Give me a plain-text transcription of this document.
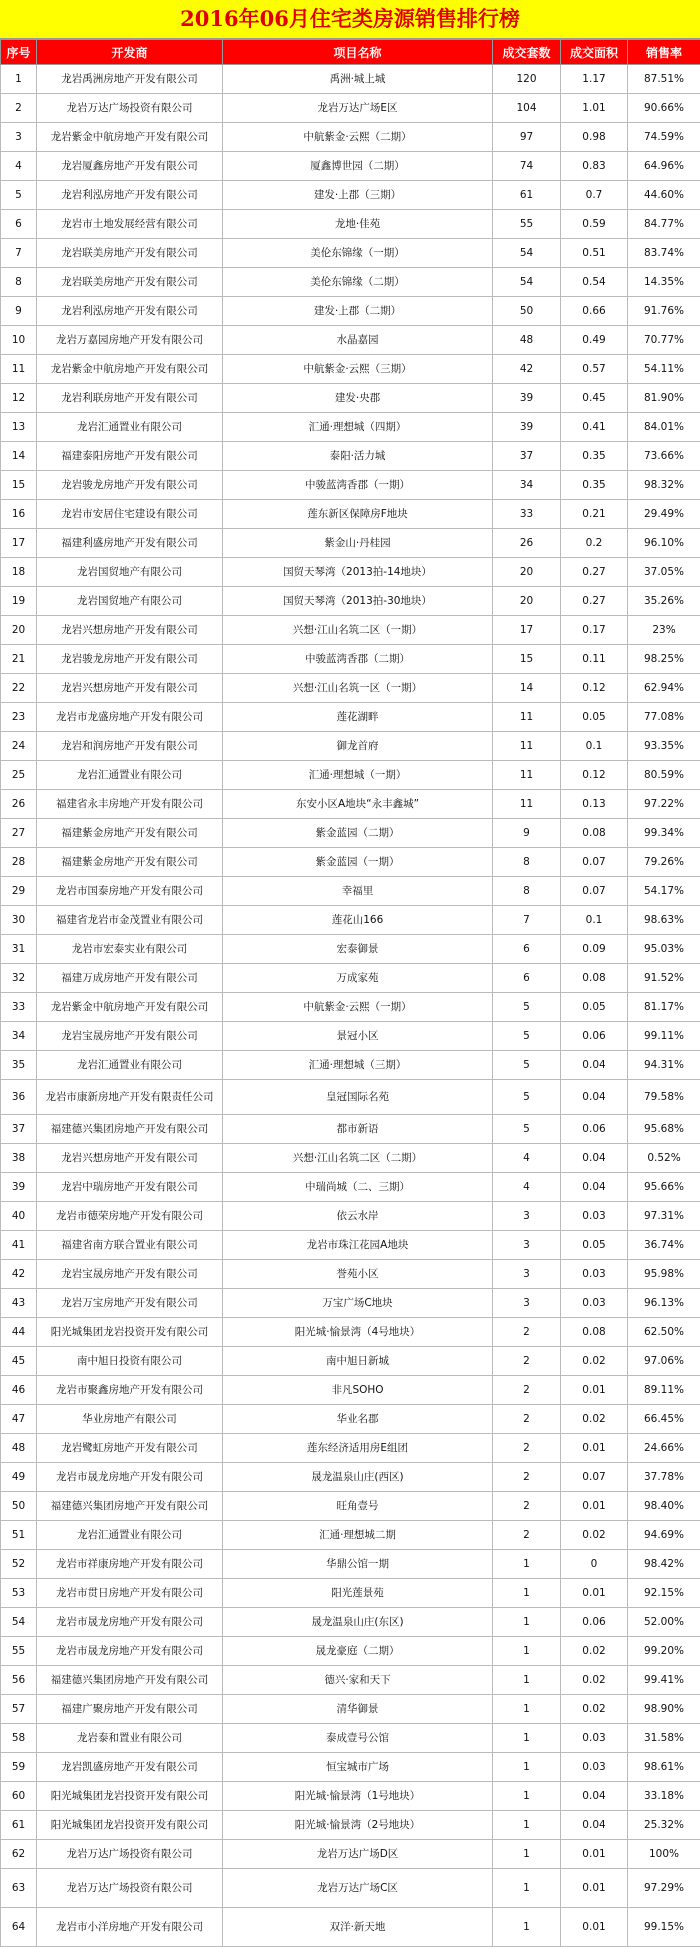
2016年06月住宅类房源销售排行榜
序号	开发商	项目名称	成交套数	成交面积	销售率
1	龙岩禹洲房地产开发有限公司	禹洲·城上城	120	1.17	87.51%
2	龙岩万达广场投资有限公司	龙岩万达广场E区	104	1.01	90.66%
3	龙岩紫金中航房地产开发有限公司	中航紫金·云熙（二期）	97	0.98	74.59%
4	龙岩厦鑫房地产开发有限公司	厦鑫博世园（二期）	74	0.83	64.96%
5	龙岩利泓房地产开发有限公司	建发·上郡（三期）	61	0.7	44.60%
6	龙岩市土地发展经营有限公司	龙地·佳苑	55	0.59	84.77%
7	龙岩联美房地产开发有限公司	美伦东锦缘（一期）	54	0.51	83.74%
8	龙岩联美房地产开发有限公司	美伦东锦缘（二期）	54	0.54	14.35%
9	龙岩利泓房地产开发有限公司	建发·上郡（二期）	50	0.66	91.76%
10	龙岩万嘉园房地产开发有限公司	水晶嘉园	48	0.49	70.77%
11	龙岩紫金中航房地产开发有限公司	中航紫金·云熙（三期）	42	0.57	54.11%
12	龙岩利联房地产开发有限公司	建发·央郡	39	0.45	81.90%
13	龙岩汇通置业有限公司	汇通·理想城（四期）	39	0.41	84.01%
14	福建泰阳房地产开发有限公司	泰阳·活力城	37	0.35	73.66%
15	龙岩骏龙房地产开发有限公司	中骏蓝湾香郡（一期）	34	0.35	98.32%
16	龙岩市安居住宅建设有限公司	莲东新区保障房F地块	33	0.21	29.49%
17	福建利盛房地产开发有限公司	紫金山·丹桂园	26	0.2	96.10%
18	龙岩国贸地产有限公司	国贸天琴湾（2013拍-14地块）	20	0.27	37.05%
19	龙岩国贸地产有限公司	国贸天琴湾（2013拍-30地块）	20	0.27	35.26%
20	龙岩兴想房地产开发有限公司	兴想·江山名筑二区（一期）	17	0.17	23%
21	龙岩骏龙房地产开发有限公司	中骏蓝湾香郡（二期）	15	0.11	98.25%
22	龙岩兴想房地产开发有限公司	兴想·江山名筑一区（一期）	14	0.12	62.94%
23	龙岩市龙盛房地产开发有限公司	莲花湖畔	11	0.05	77.08%
24	龙岩和润房地产开发有限公司	御龙首府	11	0.1	93.35%
25	龙岩汇通置业有限公司	汇通·理想城（一期）	11	0.12	80.59%
26	福建省永丰房地产开发有限公司	东安小区A地块“永丰鑫城”	11	0.13	97.22%
27	福建紫金房地产开发有限公司	紫金蓝园（二期）	9	0.08	99.34%
28	福建紫金房地产开发有限公司	紫金蓝园（一期）	8	0.07	79.26%
29	龙岩市国泰房地产开发有限公司	幸福里	8	0.07	54.17%
30	福建省龙岩市金茂置业有限公司	莲花山166	7	0.1	98.63%
31	龙岩市宏泰实业有限公司	宏泰御景	6	0.09	95.03%
32	福建万成房地产开发有限公司	万成家苑	6	0.08	91.52%
33	龙岩紫金中航房地产开发有限公司	中航紫金·云熙（一期）	5	0.05	81.17%
34	龙岩宝晟房地产开发有限公司	景冠小区	5	0.06	99.11%
35	龙岩汇通置业有限公司	汇通·理想城（三期）	5	0.04	94.31%
36	龙岩市康新房地产开发有限责任公司	皇冠国际名苑	5	0.04	79.58%
37	福建德兴集团房地产开发有限公司	都市新语	5	0.06	95.68%
38	龙岩兴想房地产开发有限公司	兴想·江山名筑二区（二期）	4	0.04	0.52%
39	龙岩中瑞房地产开发有限公司	中瑞尚城（二、三期）	4	0.04	95.66%
40	龙岩市德荣房地产开发有限公司	依云水岸	3	0.03	97.31%
41	福建省南方联合置业有限公司	龙岩市珠江花园A地块	3	0.05	36.74%
42	龙岩宝晟房地产开发有限公司	誉苑小区	3	0.03	95.98%
43	龙岩万宝房地产开发有限公司	万宝广场C地块	3	0.03	96.13%
44	阳光城集团龙岩投资开发有限公司	阳光城·愉景湾（4号地块）	2	0.08	62.50%
45	南中旭日投资有限公司	南中旭日新城	2	0.02	97.06%
46	龙岩市聚鑫房地产开发有限公司	非凡SOHO	2	0.01	89.11%
47	华业房地产有限公司	华业名郡	2	0.02	66.45%
48	龙岩鹭虹房地产开发有限公司	莲东经济适用房E组团	2	0.01	24.66%
49	龙岩市晟龙房地产开发有限公司	晟龙温泉山庄(西区)	2	0.07	37.78%
50	福建德兴集团房地产开发有限公司	旺角壹号	2	0.01	98.40%
51	龙岩汇通置业有限公司	汇通·理想城二期	2	0.02	94.69%
52	龙岩市祥康房地产开发有限公司	华鼎公馆一期	1	0	98.42%
53	龙岩市贯日房地产开发有限公司	阳光莲景苑	1	0.01	92.15%
54	龙岩市晟龙房地产开发有限公司	晟龙温泉山庄(东区)	1	0.06	52.00%
55	龙岩市晟龙房地产开发有限公司	晟龙豪庭（二期）	1	0.02	99.20%
56	福建德兴集团房地产开发有限公司	德兴·家和天下	1	0.02	99.41%
57	福建广聚房地产开发有限公司	清华御景	1	0.02	98.90%
58	龙岩泰和置业有限公司	泰成壹号公馆	1	0.03	31.58%
59	龙岩凯盛房地产开发有限公司	恒宝城市广场	1	0.03	98.61%
60	阳光城集团龙岩投资开发有限公司	阳光城·愉景湾（1号地块）	1	0.04	33.18%
61	阳光城集团龙岩投资开发有限公司	阳光城·愉景湾（2号地块）	1	0.04	25.32%
62	龙岩万达广场投资有限公司	龙岩万达广场D区	1	0.01	100%
63	龙岩万达广场投资有限公司	龙岩万达广场C区	1	0.01	97.29%
64	龙岩市小洋房地产开发有限公司	双洋·新天地	1	0.01	99.15%
